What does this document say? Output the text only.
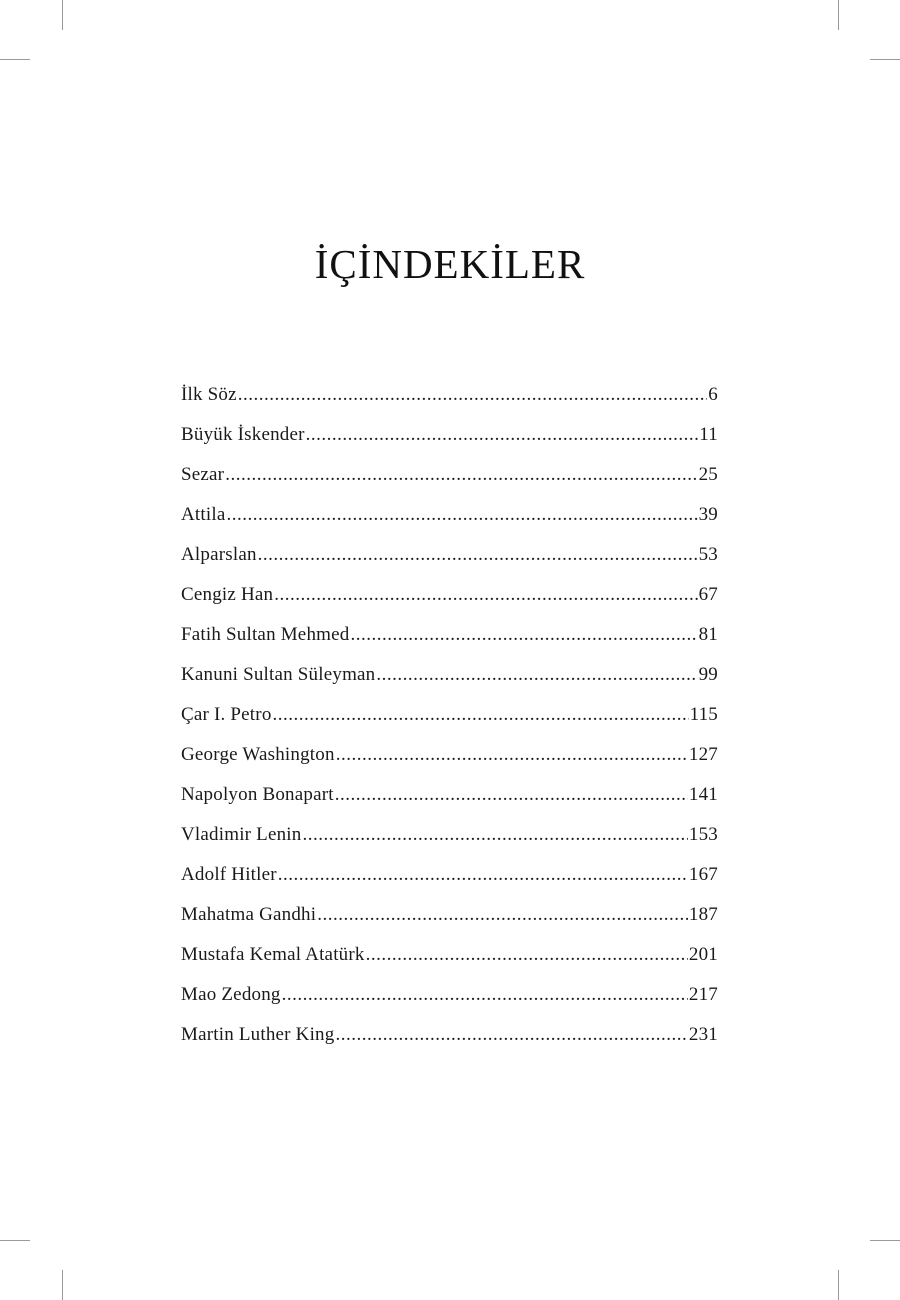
İÇİNDEKİLER
İlk Söz .....	6
Büyük İskender .....	11
Sezar .....	25
Attila .....	39
Alparslan .....	53
Cengiz Han .....	67
Fatih Sultan Mehmed .....	81
Kanuni Sultan Süleyman .....	99
Çar I. Petro .....	115
George Washington .....	127
Napolyon Bonapart .....	141
Vladimir Lenin .....	153
Adolf Hitler .....	167
Mahatma Gandhi .....	187
Mustafa Kemal Atatürk .....	201
Mao Zedong .....	217
Martin Luther King .....	231
